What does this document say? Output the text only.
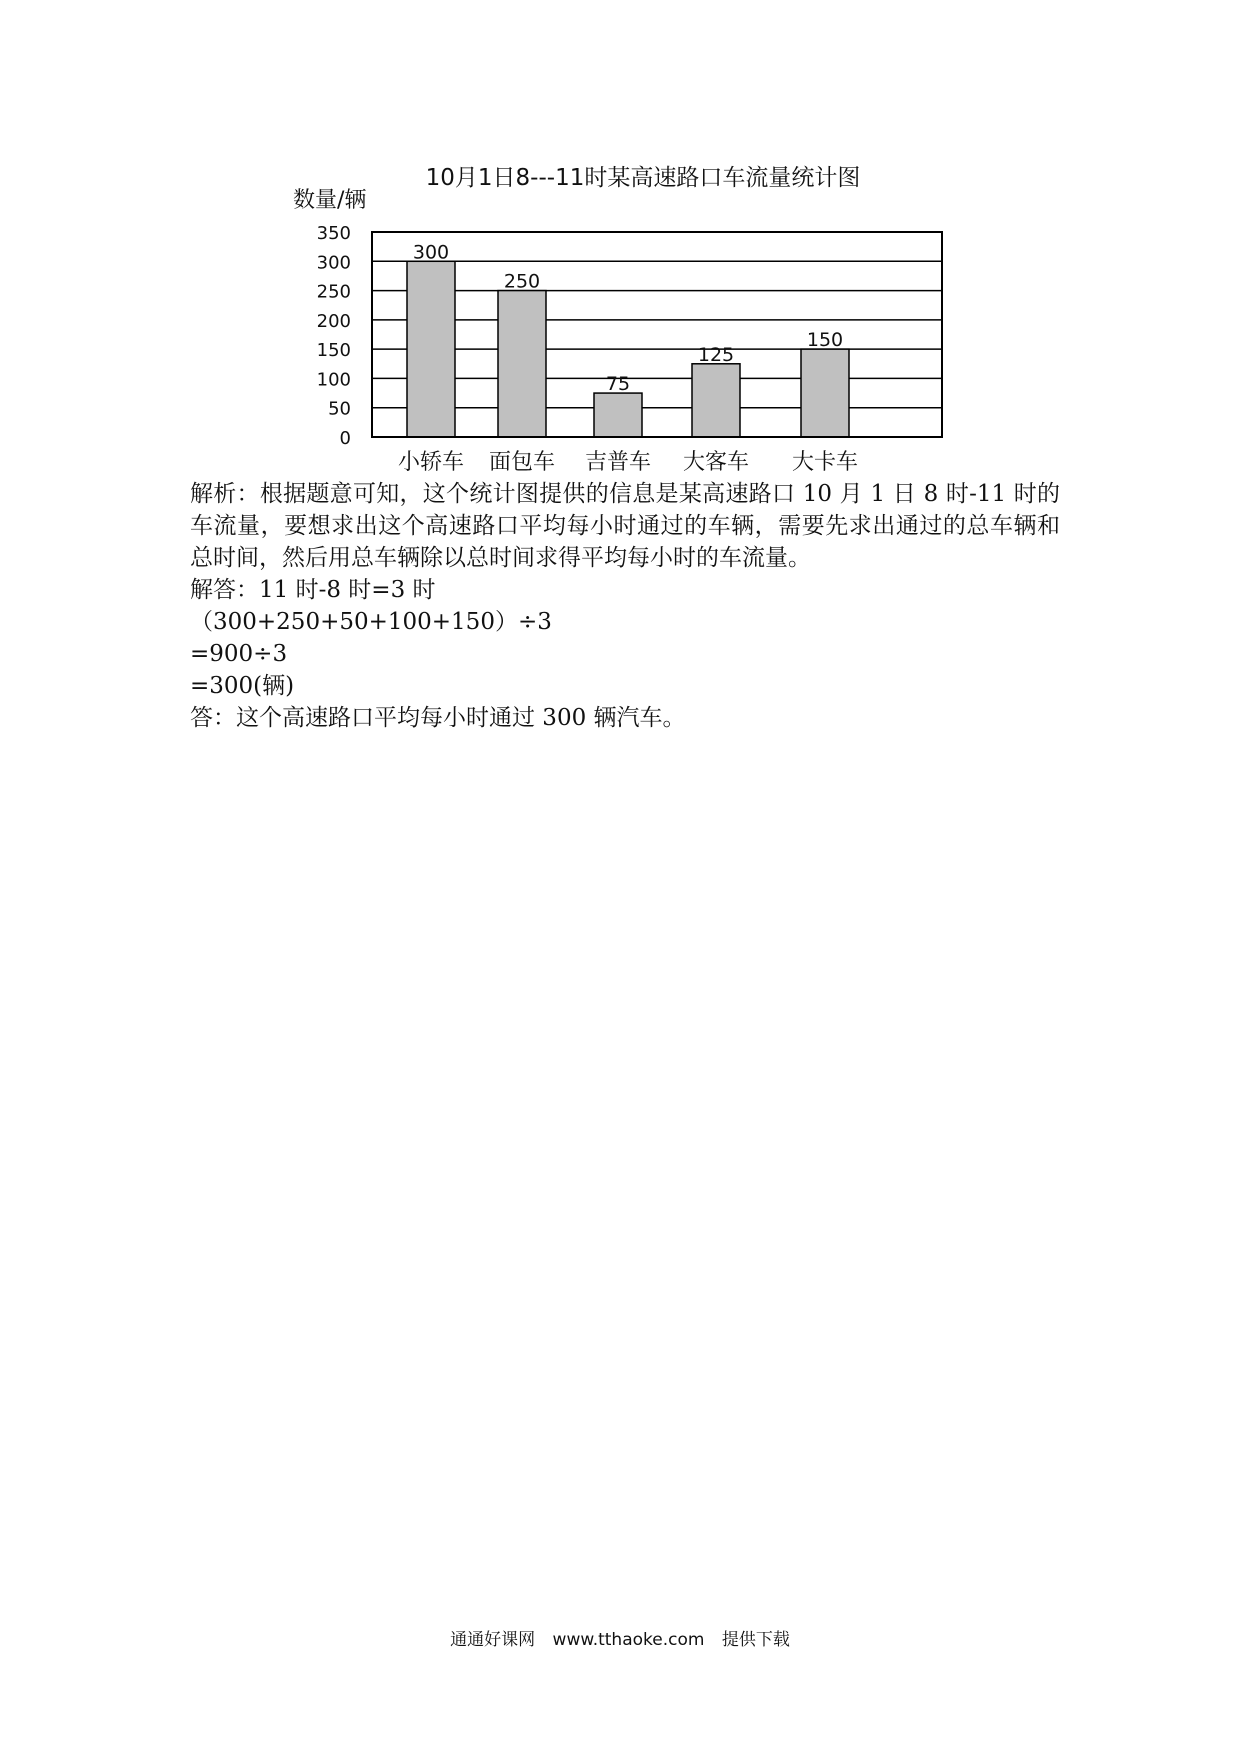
10月1日8---11时某高速路口车流量统计图
数量/辆
0
50
100
150
200
250
300
350
300
250
75
125
150
小轿车 面包车 吉普车 大客车 大卡车
解析：根据题意可知，这个统计图提供的信息是某高速路口 10 月 1 日 8 时-11 时的车流量，要想求出这个高速路口平均每小时通过的车辆，需要先求出通过的总车辆和总时间，然后用总车辆除以总时间求得平均每小时的车流量。
解答：11 时-8 时=3 时
（300+250+50+100+150）÷3
=900÷3
=300(辆)
答：这个高速路口平均每小时通过 300 辆汽车。
通通好课网 www.tthaoke.com 提供下载
